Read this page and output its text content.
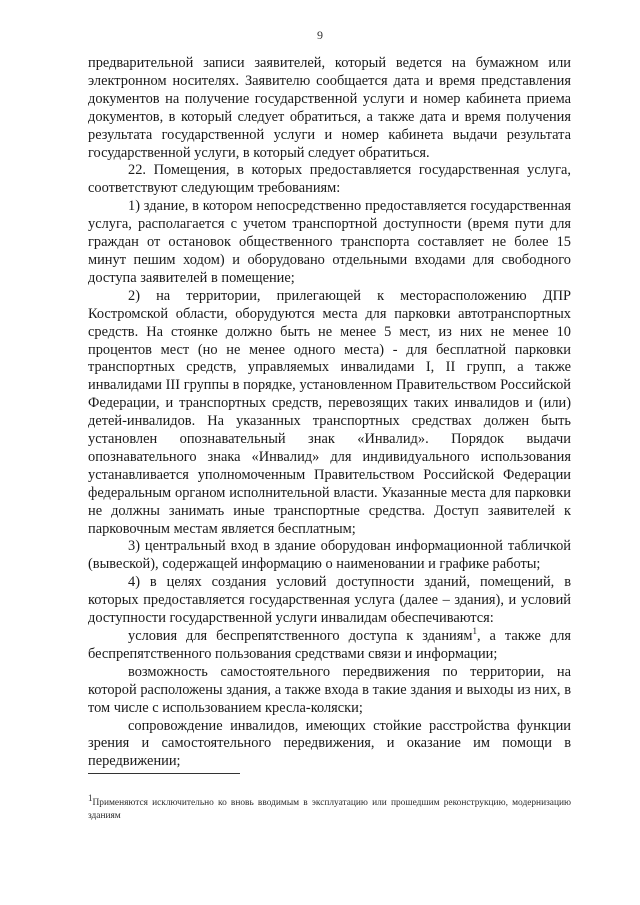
9

предварительной записи заявителей, который ведется на бумажном или электронном носителях. Заявителю сообщается дата и время представления документов на получение государственной услуги и номер кабинета приема документов, в который следует обратиться, а также дата и время получения результата государственной услуги и номер кабинета выдачи результата государственной услуги, в который следует обратиться.

22. Помещения, в которых предоставляется государственная услуга, соответствуют следующим требованиям:

1) здание, в котором непосредственно предоставляется государственная услуга, располагается с учетом транспортной доступности (время пути для граждан от остановок общественного транспорта составляет не более 15 минут пешим ходом) и оборудовано отдельными входами для свободного доступа заявителей в помещение;

2) на территории, прилегающей к месторасположению ДПР Костромской области, оборудуются места для парковки автотранспортных средств. На стоянке должно быть не менее 5 мест, из них не менее 10 процентов мест (но не менее одного места) - для бесплатной парковки транспортных средств, управляемых инвалидами I, II групп, а также инвалидами III группы в порядке, установленном Правительством Российской Федерации, и транспортных средств, перевозящих таких инвалидов и (или) детей-инвалидов. На указанных транспортных средствах должен быть установлен опознавательный знак «Инвалид». Порядок выдачи опознавательного знака «Инвалид» для индивидуального использования устанавливается уполномоченным Правительством Российской Федерации федеральным органом исполнительной власти. Указанные места для парковки не должны занимать иные транспортные средства. Доступ заявителей к парковочным местам является бесплатным;

3) центральный вход в здание оборудован информационной табличкой (вывеской), содержащей информацию о наименовании и графике работы;

4) в целях создания условий доступности зданий, помещений, в которых предоставляется государственная услуга (далее – здания), и условий доступности государственной услуги инвалидам обеспечиваются:

условия для беспрепятственного доступа к зданиям$^1$, а также для беспрепятственного пользования средствами связи и информации;

возможность самостоятельного передвижения по территории, на которой расположены здания, а также входа в такие здания и выходы из них, в том числе с использованием кресла-коляски;

сопровождение инвалидов, имеющих стойкие расстройства функции зрения и самостоятельного передвижения, и оказание им помощи в передвижении;

$^1$Применяются исключительно ко вновь вводимым в эксплуатацию или прошедшим реконструкцию, модернизацию зданиям
